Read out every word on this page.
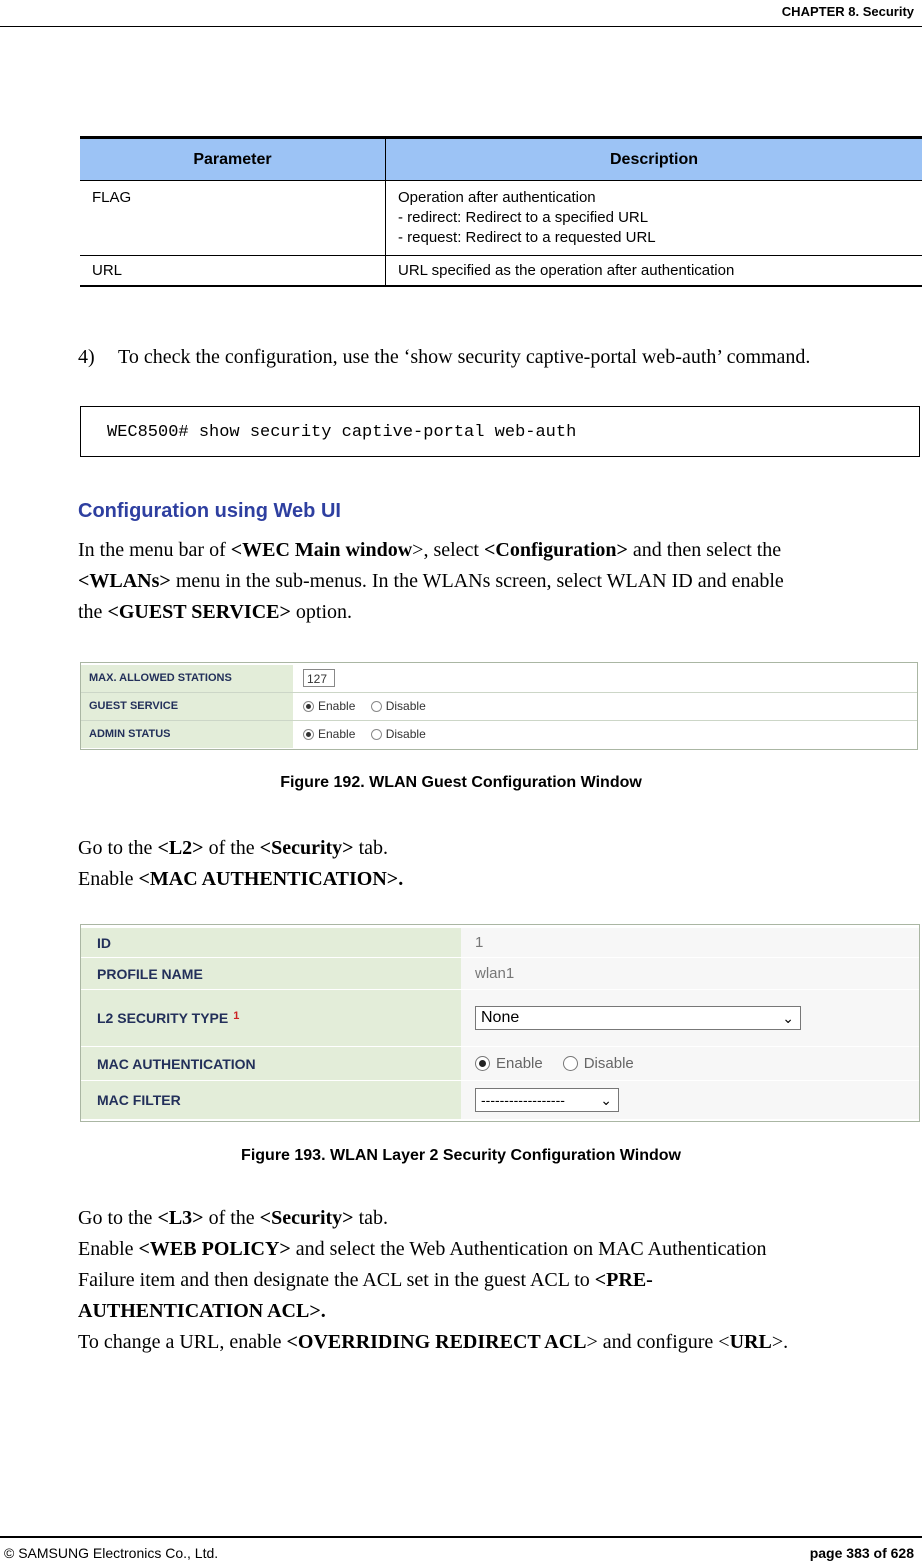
CHAPTER 8. Security
Parameter	Description
FLAG	Operation after authentication
- redirect: Redirect to a specified URL
- request: Redirect to a requested URL

URL	URL specified as the operation after authentication
4) To check the configuration, use the ‘show security captive-portal web-auth’ command.
WEC8500# show security captive-portal web-auth
Configuration using Web UI
In the menu bar of <WEC Main window>, select <Configuration> and then select the
<WLANs> menu in the sub-menus. In the WLANs screen, select WLAN ID and enable
the <GUEST SERVICE> option.
MAX. ALLOWED STATIONS	127
GUEST SERVICE	Enable	Disable
ADMIN STATUS	Enable	Disable
Figure 192. WLAN Guest Configuration Window
Go to the <L2> of the <Security> tab.
Enable <MAC AUTHENTICATION>.
ID	1
PROFILE NAME	wlan1
L2 SECURITY TYPE 1	None	⌄
MAC AUTHENTICATION	Enable	Disable
MAC FILTER	------------------	⌄
Figure 193. WLAN Layer 2 Security Configuration Window
Go to the <L3> of the <Security> tab.
Enable <WEB POLICY> and select the Web Authentication on MAC Authentication
Failure item and then designate the ACL set in the guest ACL to <PRE-
AUTHENTICATION ACL>.
To change a URL, enable <OVERRIDING REDIRECT ACL> and configure <URL>.
© SAMSUNG Electronics Co., Ltd.	page 383 of 628
